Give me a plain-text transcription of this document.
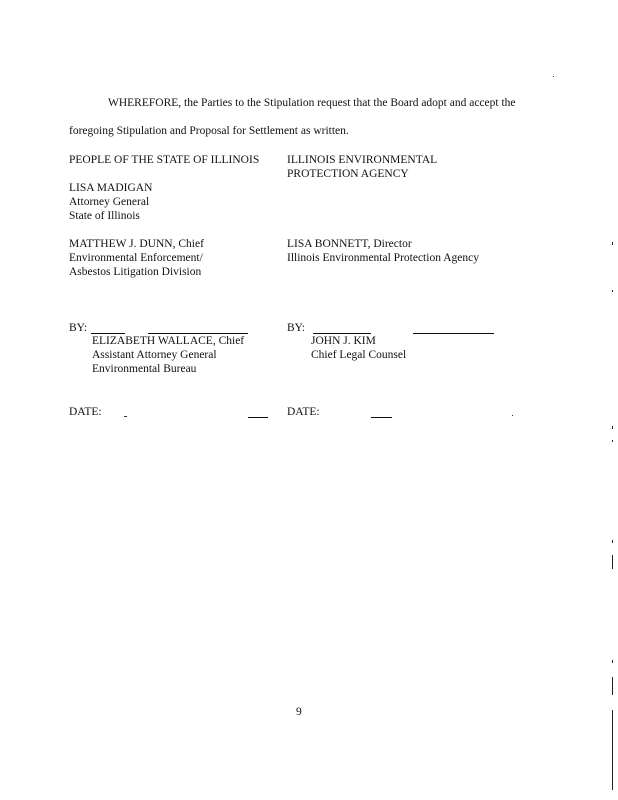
WHEREFORE, the Parties to the Stipulation request that the Board adopt and accept the
foregoing Stipulation and Proposal for Settlement as written.
PEOPLE OF THE STATE OF ILLINOIS
LISA MADIGAN
Attorney General
State of Illinois
MATTHEW J. DUNN, Chief
Environmental Enforcement/
Asbestos Litigation Division
ILLINOIS ENVIRONMENTAL
PROTECTION AGENCY
LISA BONNETT, Director
Illinois Environmental Protection Agency
BY:
ELIZABETH WALLACE, Chief
Assistant Attorney General
Environmental Bureau
BY:
JOHN J. KIM
Chief Legal Counsel
DATE:	DATE:
9
